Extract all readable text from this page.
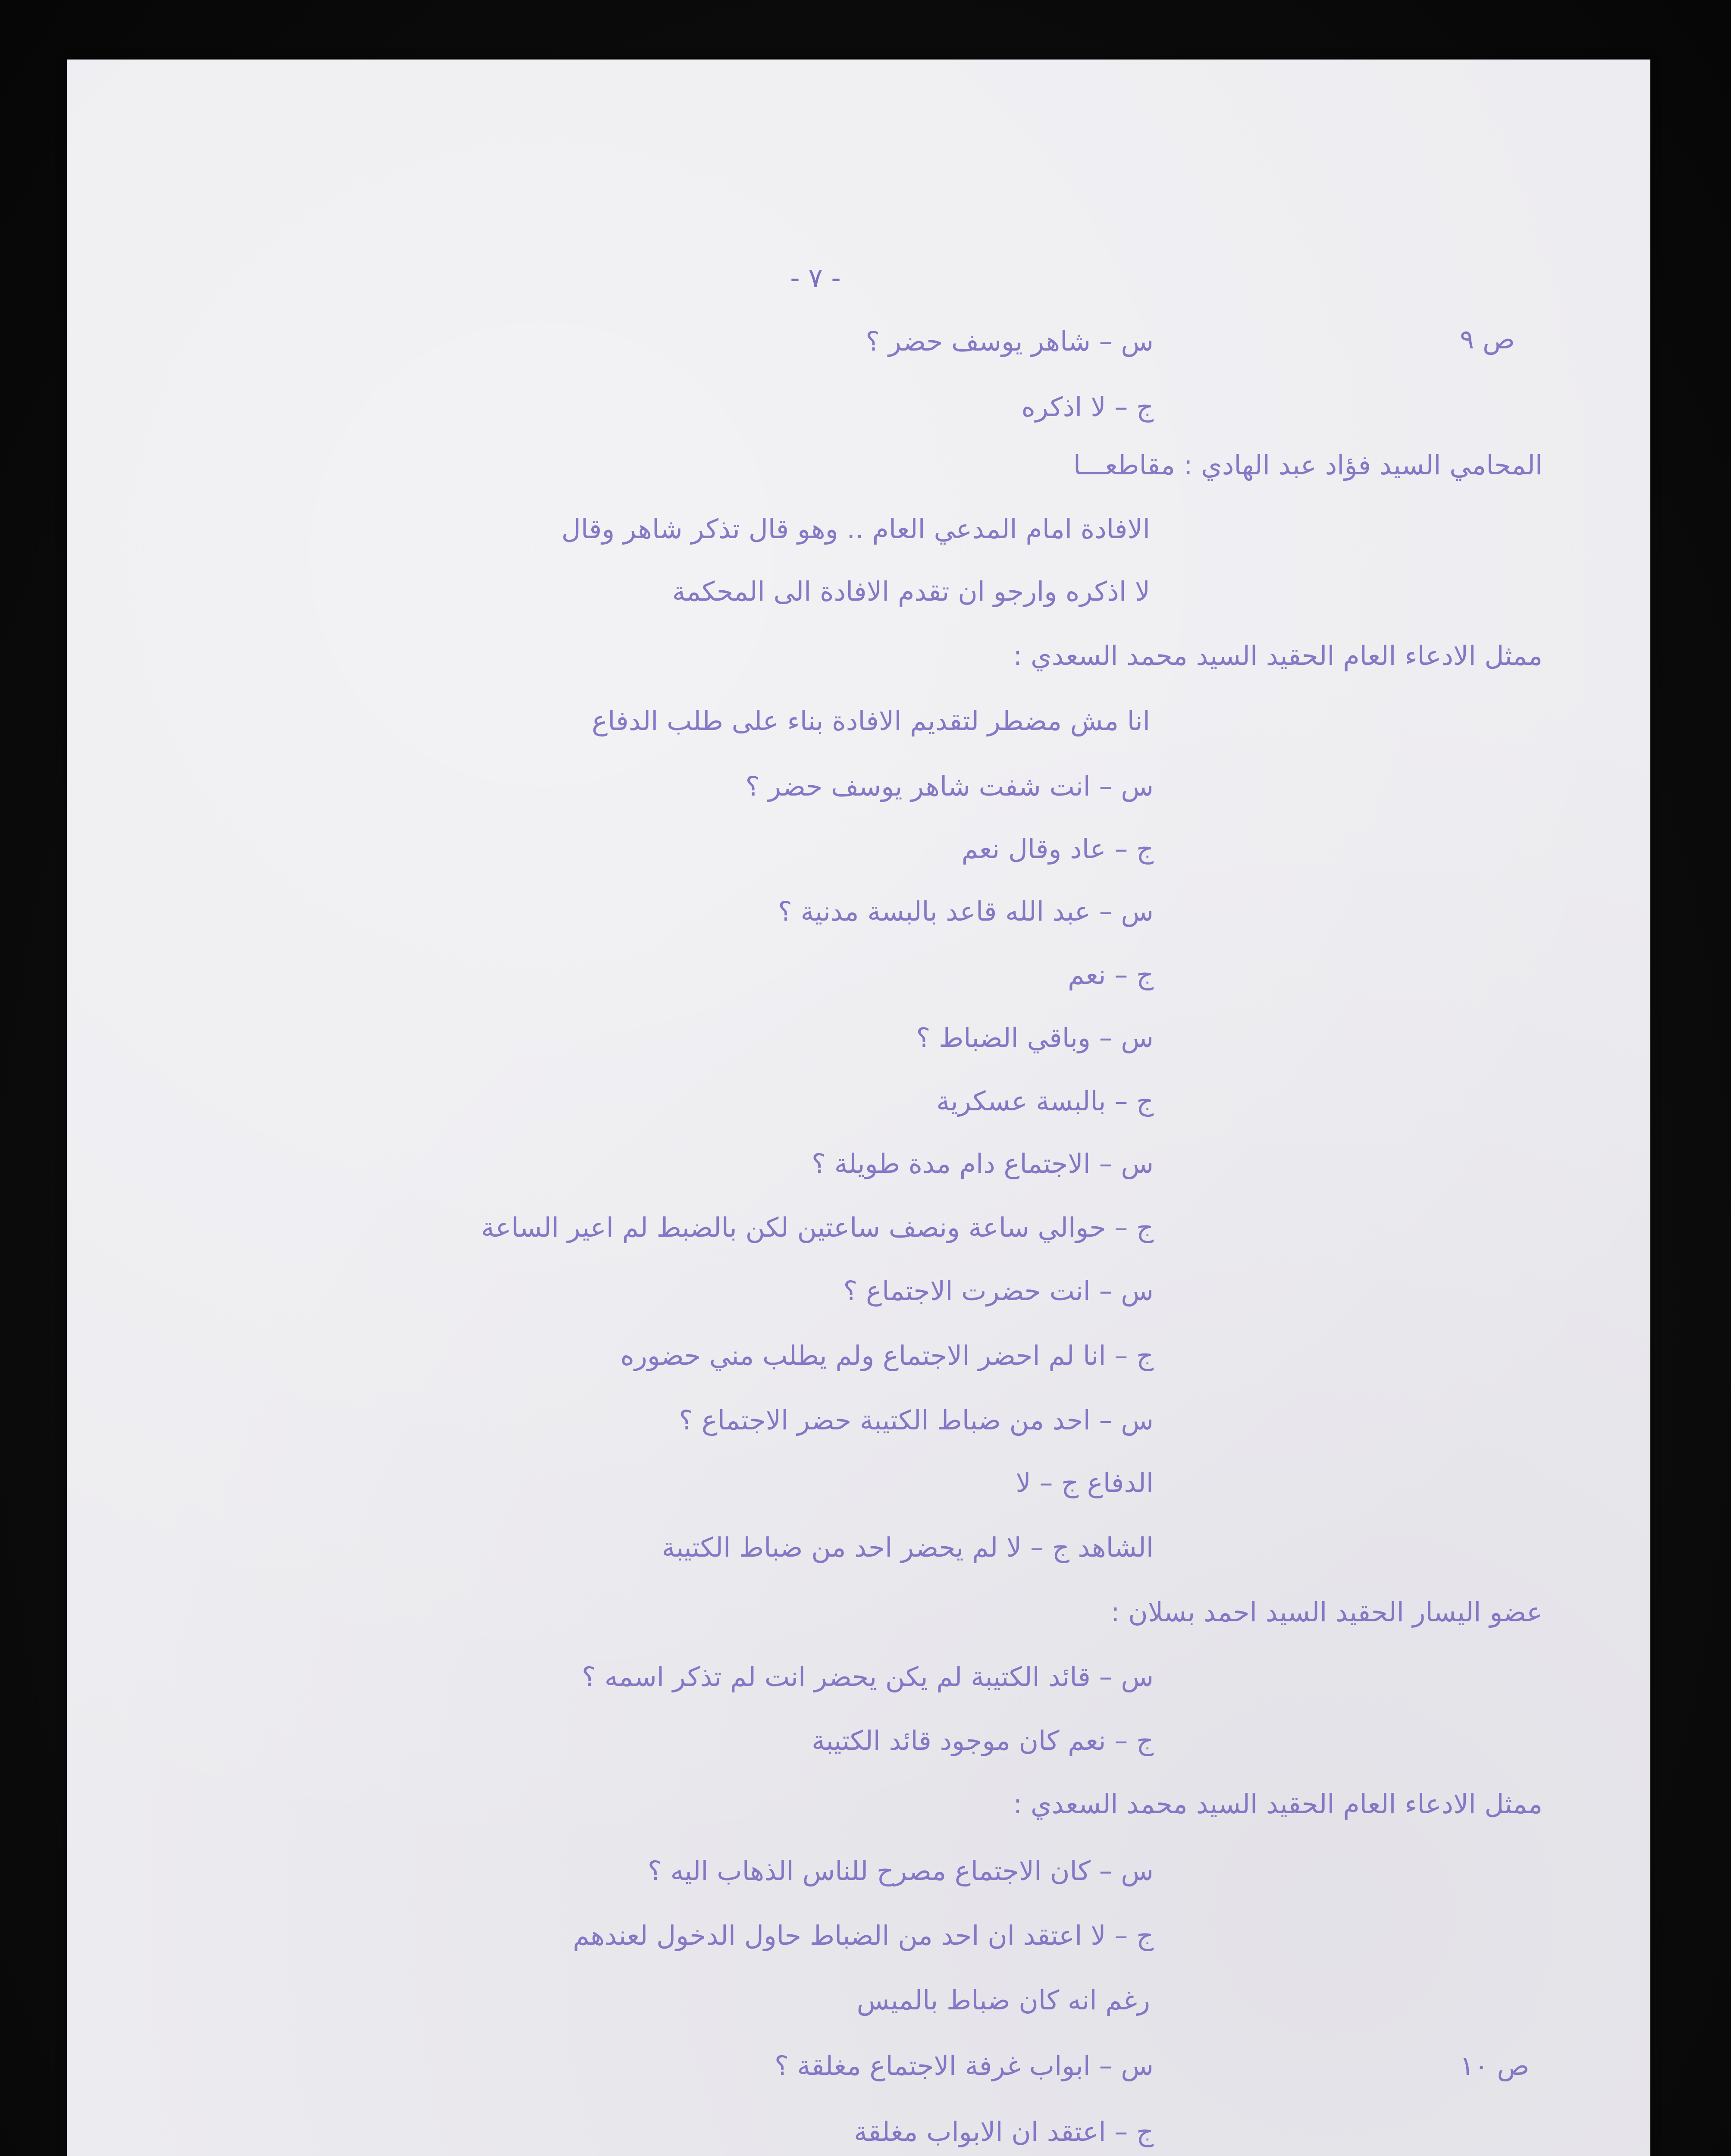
- ٧ -
ص ٩
ص ١٠
س – شاهر يوسف حضر ؟
ج – لا اذكره
المحامي السيد فؤاد عبد الهادي : مقاطعـــا
الافادة امام المدعي العام .. وهو قال تذكر شاهر وقال
لا اذكره وارجو ان تقدم الافادة الى المحكمة
ممثل الادعاء العام الحقيد السيد محمد السعدي :
انا مش مضطر لتقديم الافادة بناء على طلب الدفاع
س – انت شفت شاهر يوسف حضر ؟
ج – عاد وقال نعم
س – عبد الله قاعد بالبسة مدنية ؟
ج – نعم
س – وباقي الضباط ؟
ج – بالبسة عسكرية
س – الاجتماع دام مدة طويلة ؟
ج – حوالي ساعة ونصف ساعتين لكن بالضبط لم اعير الساعة
س – انت حضرت الاجتماع ؟
ج – انا لم احضر الاجتماع ولم يطلب مني حضوره
س – احد من ضباط الكتيبة حضر الاجتماع ؟
الدفاع ج – لا
الشاهد ج – لا لم يحضر احد من ضباط الكتيبة
عضو اليسار الحقيد السيد احمد بسلان :
س – قائد الكتيبة لم يكن يحضر انت لم تذكر اسمه ؟
ج – نعم كان موجود قائد الكتيبة
ممثل الادعاء العام الحقيد السيد محمد السعدي :
س – كان الاجتماع مصرح للناس الذهاب اليه ؟
ج – لا اعتقد ان احد من الضباط حاول الدخول لعندهم
رغم انه كان ضباط بالميس
س – ابواب غرفة الاجتماع مغلقة ؟
ج – اعتقد ان الابواب مغلقة
